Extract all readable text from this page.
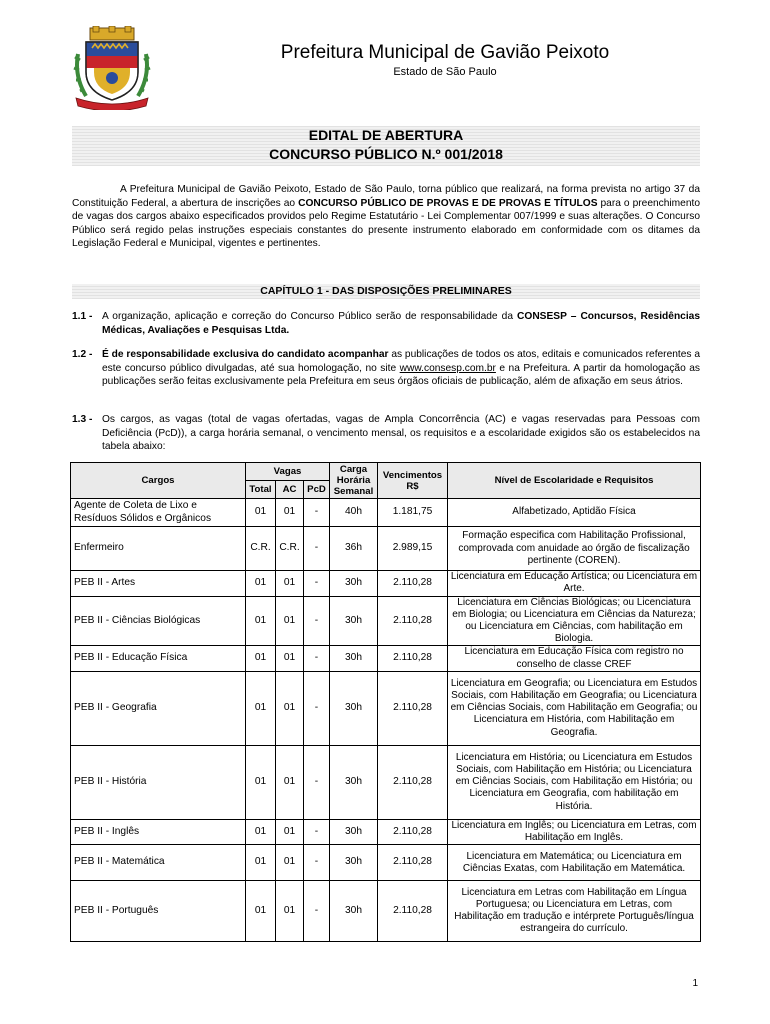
Prefeitura Municipal de Gavião Peixoto
Estado de São Paulo
EDITAL DE ABERTURA
CONCURSO PÚBLICO N.º 001/2018
A Prefeitura Municipal de Gavião Peixoto, Estado de São Paulo, torna público que realizará, na forma prevista no artigo 37 da Constituição Federal, a abertura de inscrições ao CONCURSO PÚBLICO DE PROVAS E DE PROVAS E TÍTULOS para o preenchimento de vagas dos cargos abaixo especificados providos pelo Regime Estatutário - Lei Complementar 007/1999 e suas alterações. O Concurso Público será regido pelas instruções especiais constantes do presente instrumento elaborado em conformidade com os ditames da Legislação Federal e Municipal, vigentes e pertinentes.
CAPÍTULO 1 - DAS DISPOSIÇÕES PRELIMINARES
1.1 - A organização, aplicação e correção do Concurso Público serão de responsabilidade da CONSESP – Concursos, Residências Médicas, Avaliações e Pesquisas Ltda.
1.2 - É de responsabilidade exclusiva do candidato acompanhar as publicações de todos os atos, editais e comunicados referentes a este concurso público divulgadas, até sua homologação, no site www.consesp.com.br e na Prefeitura. A partir da homologação as publicações serão feitas exclusivamente pela Prefeitura em seus órgãos oficiais de publicação, além de afixação em seus átrios.
1.3 - Os cargos, as vagas (total de vagas ofertadas, vagas de Ampla Concorrência (AC) e vagas reservadas para Pessoas com Deficiência (PcD)), a carga horária semanal, o vencimento mensal, os requisitos e a escolaridade exigidos são os estabelecidos na tabela abaixo:
Cargos	Vagas			Carga Horária Semanal	Vencimentos R$	Nível de Escolaridade e Requisitos
	Total	AC	PcD			
Agente de Coleta de Lixo e Resíduos Sólidos e Orgânicos	01	01	-	40h	1.181,75	Alfabetizado, Aptidão Física
Enfermeiro	C.R.	C.R.	-	36h	2.989,15	Formação especifica com Habilitação Profissional, comprovada com anuidade ao órgão de fiscalização pertinente (COREN).
PEB II - Artes	01	01	-	30h	2.110,28	Licenciatura em Educação Artística; ou Licenciatura em Arte.
PEB II - Ciências Biológicas	01	01	-	30h	2.110,28	Licenciatura em Ciências Biológicas; ou Licenciatura em Biologia; ou Licenciatura em Ciências da Natureza; ou Licenciatura em Ciências, com habilitação em Biologia.
PEB II - Educação Física	01	01	-	30h	2.110,28	Licenciatura em Educação Física com registro no conselho de classe CREF
PEB II - Geografia	01	01	-	30h	2.110,28	Licenciatura em Geografia; ou Licenciatura em Estudos Sociais, com Habilitação em Geografia; ou Licenciatura em Ciências Sociais, com Habilitação em Geografia; ou Licenciatura em História, com Habilitação em Geografia.
PEB II - História	01	01	-	30h	2.110,28	Licenciatura em História; ou Licenciatura em Estudos Sociais, com Habilitação em História; ou Licenciatura em Ciências Sociais, com Habilitação em História; ou Licenciatura em Geografia, com habilitação em História.
PEB II - Inglês	01	01	-	30h	2.110,28	Licenciatura em Inglês; ou Licenciatura em Letras, com Habilitação em Inglês.
PEB II - Matemática	01	01	-	30h	2.110,28	Licenciatura em Matemática; ou Licenciatura em Ciências Exatas, com Habilitação em Matemática.
PEB II - Português	01	01	-	30h	2.110,28	Licenciatura em Letras com Habilitação em Língua Portuguesa; ou Licenciatura em Letras, com Habilitação em tradução e intérprete Português/língua estrangeira do currículo.
1
